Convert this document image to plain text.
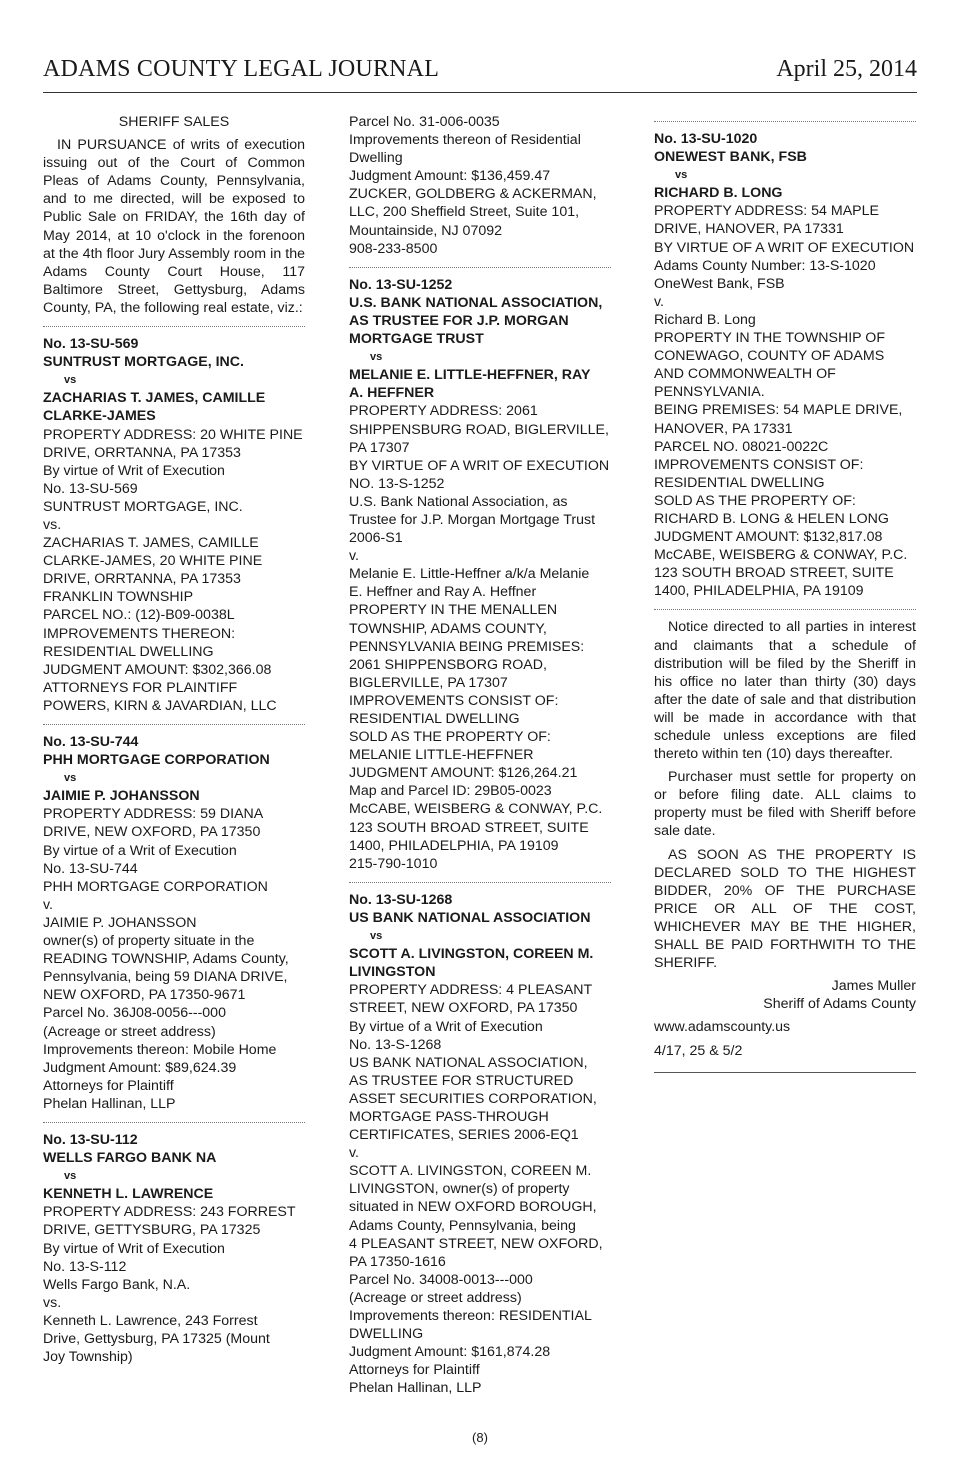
ADAMS COUNTY LEGAL JOURNAL	April 25, 2014

SHERIFF SALES

IN PURSUANCE of writs of execution issuing out of the Court of Common Pleas of Adams County, Pennsylvania, and to me directed, will be exposed to Public Sale on FRIDAY, the 16th day of May 2014, at 10 o'clock in the forenoon at the 4th floor Jury Assembly room in the Adams County Court House, 117 Baltimore Street, Gettysburg, Adams County, PA, the following real estate, viz.:

No. 13-SU-569

SUNTRUST MORTGAGE, INC.

vs

ZACHARIAS T. JAMES, CAMILLE

CLARKE-JAMES

PROPERTY ADDRESS: 20 WHITE PINE

DRIVE, ORRTANNA, PA 17353

By virtue of Writ of Execution

No. 13-SU-569

SUNTRUST MORTGAGE, INC.

vs.

ZACHARIAS T. JAMES, CAMILLE

CLARKE-JAMES, 20 WHITE PINE

DRIVE, ORRTANNA, PA 17353

FRANKLIN TOWNSHIP

PARCEL NO.: (12)-B09-0038L

IMPROVEMENTS THEREON:

RESIDENTIAL DWELLING

JUDGMENT AMOUNT: $302,366.08

ATTORNEYS FOR PLAINTIFF

POWERS, KIRN & JAVARDIAN, LLC

No. 13-SU-744

PHH MORTGAGE CORPORATION

vs

JAIMIE P. JOHANSSON

PROPERTY ADDRESS: 59 DIANA

DRIVE, NEW OXFORD, PA 17350

By virtue of a Writ of Execution

No. 13-SU-744

PHH MORTGAGE CORPORATION

v.

JAIMIE P. JOHANSSON

owner(s) of property situate in the

READING TOWNSHIP, Adams County,

Pennsylvania, being 59 DIANA DRIVE,

NEW OXFORD, PA 17350-9671

Parcel No. 36J08-0056---000

(Acreage or street address)

Improvements thereon: Mobile Home

Judgment Amount: $89,624.39

Attorneys for Plaintiff

Phelan Hallinan, LLP

No. 13-SU-112

WELLS FARGO BANK NA

vs

KENNETH L. LAWRENCE

PROPERTY ADDRESS: 243 FORREST

DRIVE, GETTYSBURG, PA 17325

By virtue of Writ of Execution

No. 13-S-112

Wells Fargo Bank, N.A.

vs.

Kenneth L. Lawrence, 243 Forrest

Drive, Gettysburg, PA 17325 (Mount

Joy Township)

Parcel No. 31-006-0035

Improvements thereon of Residential

Dwelling

Judgment Amount: $136,459.47

ZUCKER, GOLDBERG & ACKERMAN,

LLC, 200 Sheffield Street, Suite 101,

Mountainside, NJ 07092

908-233-8500

No. 13-SU-1252

U.S. BANK NATIONAL ASSOCIATION,

AS TRUSTEE FOR J.P. MORGAN

MORTGAGE TRUST

vs

MELANIE E. LITTLE-HEFFNER, RAY

A. HEFFNER

PROPERTY ADDRESS: 2061

SHIPPENSBURG ROAD, BIGLERVILLE,

PA 17307

BY VIRTUE OF A WRIT OF EXECUTION

NO. 13-S-1252

U.S. Bank National Association, as

Trustee for J.P. Morgan Mortgage Trust

2006-S1

v.

Melanie E. Little-Heffner a/k/a Melanie

E. Heffner and Ray A. Heffner

PROPERTY IN THE MENALLEN

TOWNSHIP, ADAMS COUNTY,

PENNSYLVANIA BEING PREMISES:

2061 SHIPPENSBORG ROAD,

BIGLERVILLE, PA 17307

IMPROVEMENTS CONSIST OF:

RESIDENTIAL DWELLING

SOLD AS THE PROPERTY OF:

MELANIE LITTLE-HEFFNER

JUDGMENT AMOUNT: $126,264.21

Map and Parcel ID: 29B05-0023

McCABE, WEISBERG & CONWAY, P.C.

123 SOUTH BROAD STREET, SUITE

1400, PHILADELPHIA, PA 19109

215-790-1010

No. 13-SU-1268

US BANK NATIONAL ASSOCIATION

vs

SCOTT A. LIVINGSTON, COREEN M.

LIVINGSTON

PROPERTY ADDRESS: 4 PLEASANT

STREET, NEW OXFORD, PA 17350

By virtue of a Writ of Execution

No. 13-S-1268

US BANK NATIONAL ASSOCIATION,

AS TRUSTEE FOR STRUCTURED

ASSET SECURITIES CORPORATION,

MORTGAGE PASS-THROUGH

CERTIFICATES, SERIES 2006-EQ1

v.

SCOTT A. LIVINGSTON, COREEN M.

LIVINGSTON, owner(s) of property

situated in NEW OXFORD BOROUGH,

Adams County, Pennsylvania, being

4 PLEASANT STREET, NEW OXFORD,

PA 17350-1616

Parcel No. 34008-0013---000

(Acreage or street address)

Improvements thereon: RESIDENTIAL

DWELLING

Judgment Amount: $161,874.28

Attorneys for Plaintiff

Phelan Hallinan, LLP

No. 13-SU-1020

ONEWEST BANK, FSB

vs

RICHARD B. LONG

PROPERTY ADDRESS: 54 MAPLE

DRIVE, HANOVER, PA 17331

BY VIRTUE OF A WRIT OF EXECUTION

Adams County Number: 13-S-1020

OneWest Bank, FSB

v.

Richard B. Long

PROPERTY IN THE TOWNSHIP OF

CONEWAGO, COUNTY OF ADAMS

AND COMMONWEALTH OF

PENNSYLVANIA.

BEING PREMISES: 54 MAPLE DRIVE,

HANOVER, PA 17331

PARCEL NO. 08021-0022C

IMPROVEMENTS CONSIST OF:

RESIDENTIAL DWELLING

SOLD AS THE PROPERTY OF:

RICHARD B. LONG & HELEN LONG

JUDGMENT AMOUNT: $132,817.08

McCABE, WEISBERG & CONWAY, P.C.

123 SOUTH BROAD STREET, SUITE

1400, PHILADELPHIA, PA 19109

Notice directed to all parties in interest and claimants that a schedule of distribution will be filed by the Sheriff in his office no later than thirty (30) days after the date of sale and that distribution will be made in accordance with that schedule unless exceptions are filed thereto within ten (10) days thereafter.

Purchaser must settle for property on or before filing date. ALL claims to property must be filed with Sheriff before sale date.

AS SOON AS THE PROPERTY IS DECLARED SOLD TO THE HIGHEST BIDDER, 20% OF THE PURCHASE PRICE OR ALL OF THE COST, WHICHEVER MAY BE THE HIGHER, SHALL BE PAID FORTHWITH TO THE SHERIFF.

James Muller

Sheriff of Adams County

www.adamscounty.us

4/17, 25 & 5/2

(8)
